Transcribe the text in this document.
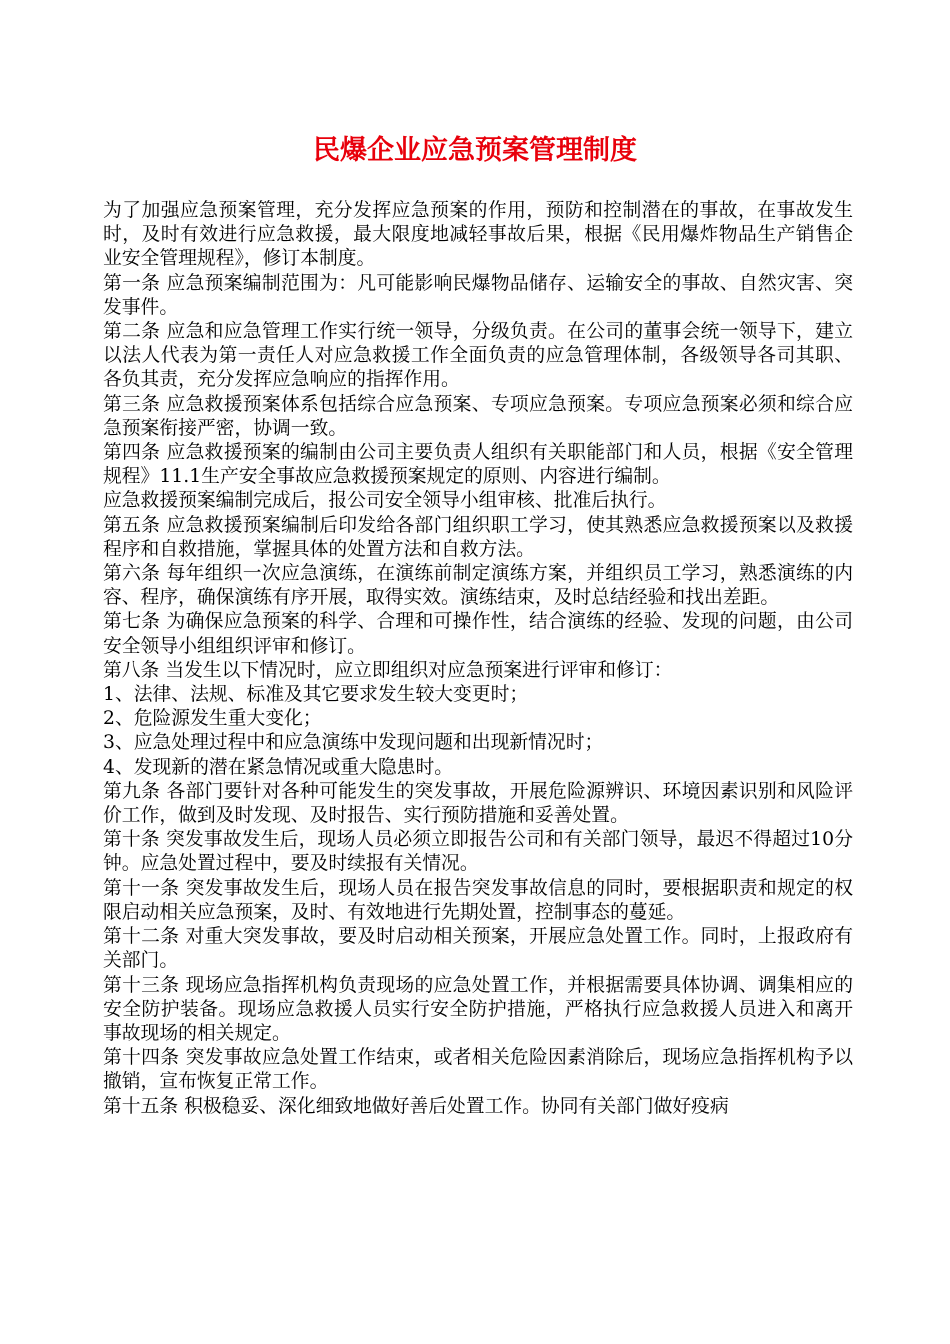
民爆企业应急预案管理制度

为了加强应急预案管理，充分发挥应急预案的作用，预防和控制潜在的事故，在事故发生时，及时有效进行应急救援，最大限度地减轻事故后果，根据《民用爆炸物品生产销售企业安全管理规程》，修订本制度。

第一条 应急预案编制范围为：凡可能影响民爆物品储存、运输安全的事故、自然灾害、突发事件。

第二条 应急和应急管理工作实行统一领导，分级负责。在公司的董事会统一领导下，建立以法人代表为第一责任人对应急救援工作全面负责的应急管理体制，各级领导各司其职、各负其责，充分发挥应急响应的指挥作用。

第三条 应急救援预案体系包括综合应急预案、专项应急预案。专项应急预案必须和综合应急预案衔接严密，协调一致。

第四条 应急救援预案的编制由公司主要负责人组织有关职能部门和人员，根据《安全管理规程》11.1生产安全事故应急救援预案规定的原则、内容进行编制。

应急救援预案编制完成后，报公司安全领导小组审核、批准后执行。

第五条 应急救援预案编制后印发给各部门组织职工学习，使其熟悉应急救援预案以及救援程序和自救措施，掌握具体的处置方法和自救方法。

第六条 每年组织一次应急演练，在演练前制定演练方案，并组织员工学习，熟悉演练的内容、程序，确保演练有序开展，取得实效。演练结束，及时总结经验和找出差距。

第七条 为确保应急预案的科学、合理和可操作性，结合演练的经验、发现的问题，由公司安全领导小组组织评审和修订。

第八条 当发生以下情况时，应立即组织对应急预案进行评审和修订：

1、法律、法规、标准及其它要求发生较大变更时；

2、危险源发生重大变化；

3、应急处理过程中和应急演练中发现问题和出现新情况时；

4、发现新的潜在紧急情况或重大隐患时。

第九条 各部门要针对各种可能发生的突发事故，开展危险源辨识、环境因素识别和风险评价工作，做到及时发现、及时报告、实行预防措施和妥善处置。

第十条 突发事故发生后，现场人员必须立即报告公司和有关部门领导，最迟不得超过10分钟。应急处置过程中，要及时续报有关情况。

第十一条 突发事故发生后，现场人员在报告突发事故信息的同时，要根据职责和规定的权限启动相关应急预案，及时、有效地进行先期处置，控制事态的蔓延。

第十二条 对重大突发事故，要及时启动相关预案，开展应急处置工作。同时，上报政府有关部门。

第十三条 现场应急指挥机构负责现场的应急处置工作，并根据需要具体协调、调集相应的安全防护装备。现场应急救援人员实行安全防护措施，严格执行应急救援人员进入和离开事故现场的相关规定。

第十四条 突发事故应急处置工作结束，或者相关危险因素消除后，现场应急指挥机构予以撤销，宣布恢复正常工作。

第十五条 积极稳妥、深化细致地做好善后处置工作。协同有关部门做好疫病
